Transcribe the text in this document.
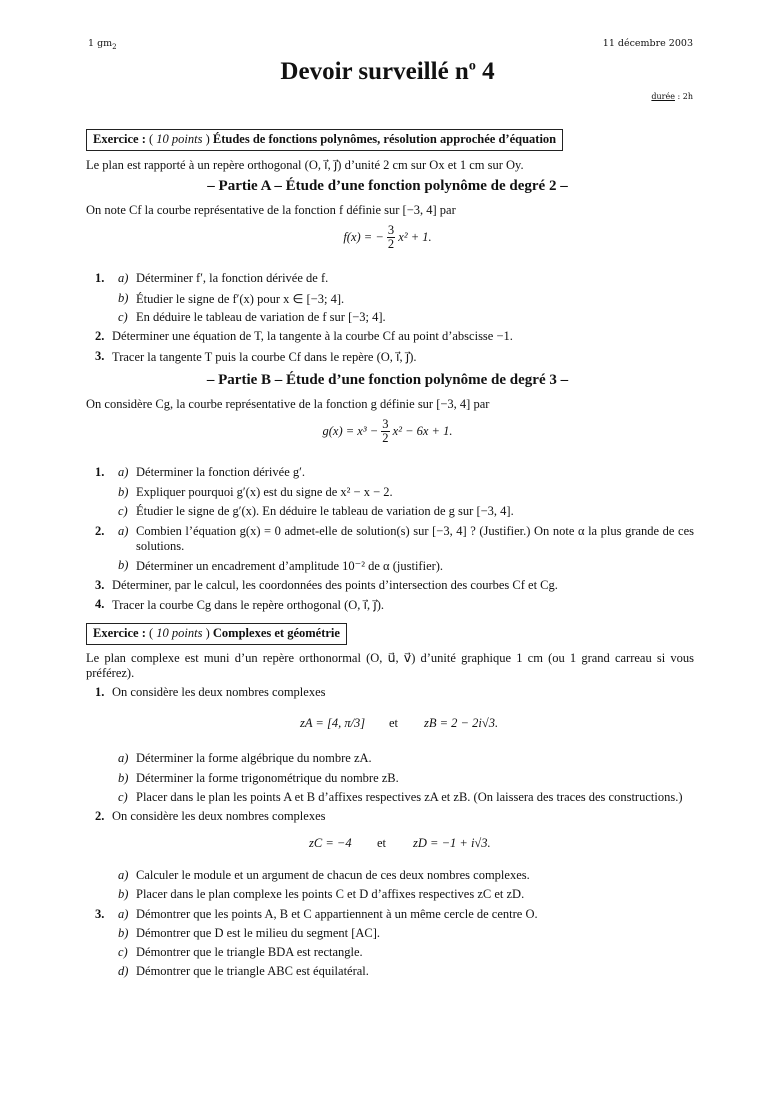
1 $gm_2$	11 décembre 2003
Devoir surveillé $n^o$ 4
durée : 2h
Exercice : ( 10 points ) Études de fonctions polynômes, résolution approchée d’équation
Le plan est rapporté à un repère orthogonal (O, ı⃗, ȷ⃗) d’unité 2 cm sur Ox et 1 cm sur Oy.
– Partie A – Étude d’une fonction polynôme de degré 2 –
On note Cf la courbe représentative de la fonction f définie sur [−3, 4] par
f(x) = − $\frac{3}{2} x^2 + 1$.
1. a) Déterminer f′, la fonction dérivée de f.
b) Étudier le signe de f′(x) pour x ∈ [−3; 4].
c) En déduire le tableau de variation de f sur [−3; 4].
2. Déterminer une équation de T, la tangente à la courbe Cf au point d’abscisse −1.
3. Tracer la tangente T puis la courbe Cf dans le repère (O, ı⃗, ȷ⃗).
– Partie B – Étude d’une fonction polynôme de degré 3 –
On considère Cg, la courbe représentative de la fonction g définie sur [−3, 4] par
$g(x) = x^3 - \frac{3}{2} x^2 - 6x + 1$.
1. a) Déterminer la fonction dérivée g′.
b) Expliquer pourquoi g′(x) est du signe de x² − x − 2.
c) Étudier le signe de g′(x). En déduire le tableau de variation de g sur [−3, 4].
2. a) Combien l’équation g(x) = 0 admet-elle de solution(s) sur [−3, 4] ? (Justifier.) On note α la plus grande de ces solutions.
b) Déterminer un encadrement d’amplitude 10⁻² de α (justifier).
3. Déterminer, par le calcul, les coordonnées des points d’intersection des courbes Cf et Cg.
4. Tracer la courbe Cg dans le repère orthogonal (O, ı⃗, ȷ⃗).
Exercice : ( 10 points ) Complexes et géométrie
Le plan complexe est muni d’un repère orthonormal (O, u⃗, v⃗) d’unité graphique 1 cm (ou 1 grand carreau si vous préférez).
1. On considère les deux nombres complexes
zA = [4, π/3] et zB = 2 − 2i√3.
a) Déterminer la forme algébrique du nombre zA.
b) Déterminer la forme trigonométrique du nombre zB.
c) Placer dans le plan les points A et B d’affixes respectives zA et zB. (On laissera des traces des constructions.)
2. On considère les deux nombres complexes
zC = −4 et zD = −1 + i√3.
a) Calculer le module et un argument de chacun de ces deux nombres complexes.
b) Placer dans le plan complexe les points C et D d’affixes respectives zC et zD.
3. a) Démontrer que les points A, B et C appartiennent à un même cercle de centre O.
b) Démontrer que D est le milieu du segment [AC].
c) Démontrer que le triangle BDA est rectangle.
d) Démontrer que le triangle ABC est équilatéral.
